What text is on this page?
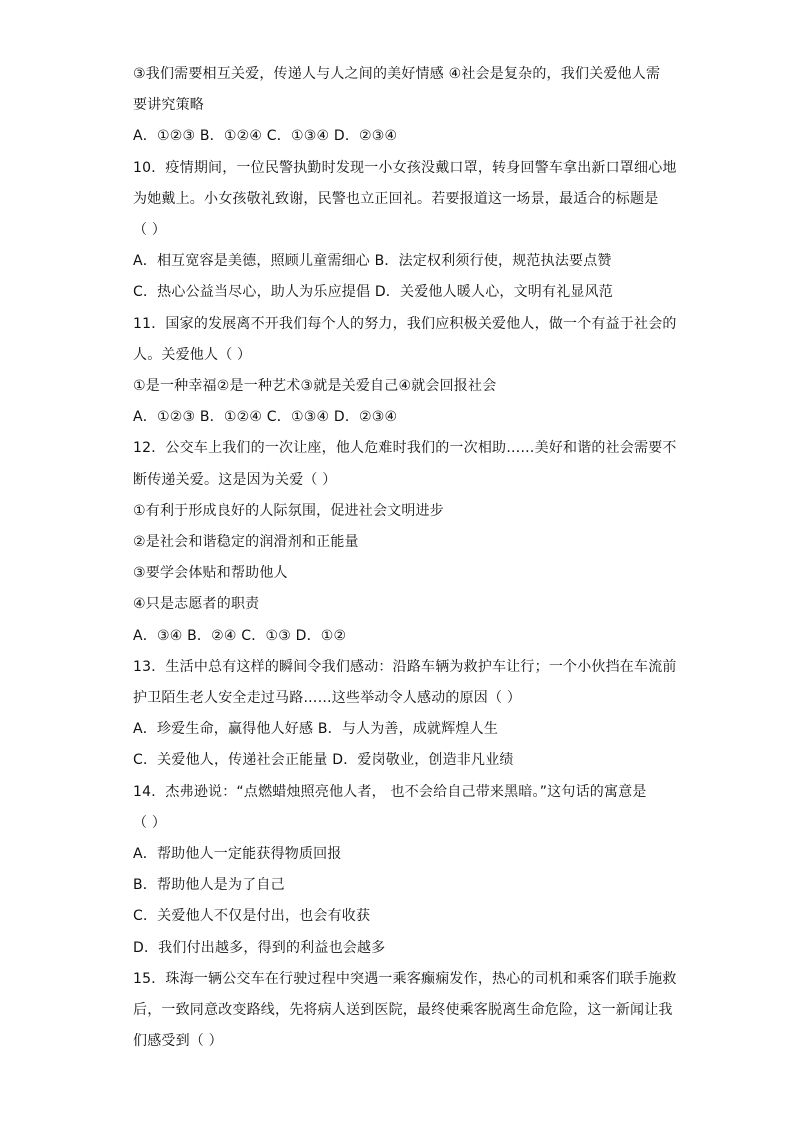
③我们需要相互关爱，传递人与人之间的美好情感 ④社会是复杂的，我们关爱他人需
要讲究策略
A．①②③ B．①②④ C．①③④ D．②③④
10．疫情期间，一位民警执勤时发现一小女孩没戴口罩，转身回警车拿出新口罩细心地
为她戴上。小女孩敬礼致谢，民警也立正回礼。若要报道这一场景，最适合的标题是
（ ）
A．相互宽容是美德，照顾儿童需细心 B．法定权利须行使，规范执法要点赞
C．热心公益当尽心，助人为乐应提倡 D．关爱他人暖人心，文明有礼显风范
11．国家的发展离不开我们每个人的努力，我们应积极关爱他人，做一个有益于社会的
人。关爱他人（ ）
①是一种幸福②是一种艺术③就是关爱自己④就会回报社会
A．①②③ B．①②④ C．①③④ D．②③④
12．公交车上我们的一次让座，他人危难时我们的一次相助……美好和谐的社会需要不
断传递关爱。这是因为关爱（ ）
①有利于形成良好的人际氛围，促进社会文明进步
②是社会和谐稳定的润滑剂和正能量
③要学会体贴和帮助他人
④只是志愿者的职责
A．③④ B．②④ C．①③ D．①②
13．生活中总有这样的瞬间令我们感动：沿路车辆为救护车让行；一个小伙挡在车流前
护卫陌生老人安全走过马路……这些举动令人感动的原因（ ）
A．珍爱生命，赢得他人好感 B．与人为善，成就辉煌人生
C．关爱他人，传递社会正能量 D．爱岗敬业，创造非凡业绩
14．杰弗逊说：“点燃蜡烛照亮他人者， 也不会给自己带来黑暗。”这句话的寓意是
（ ）
A．帮助他人一定能获得物质回报
B．帮助他人是为了自己
C．关爱他人不仅是付出，也会有收获
D．我们付出越多，得到的利益也会越多
15．珠海一辆公交车在行驶过程中突遇一乘客癫痫发作，热心的司机和乘客们联手施救
后，一致同意改变路线，先将病人送到医院，最终使乘客脱离生命危险，这一新闻让我
们感受到（ ）
